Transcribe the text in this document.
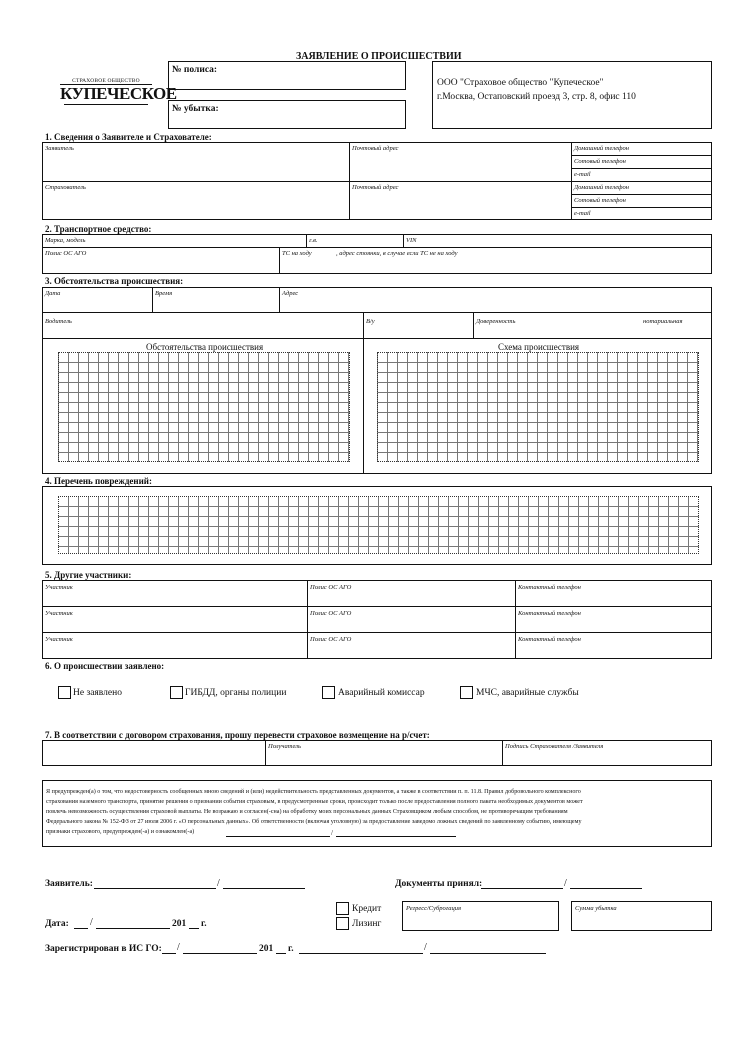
ЗАЯВЛЕНИЕ О ПРОИСШЕСТВИИ
СТРАХОВОЕ ОБЩЕСТВО
КУПЕЧЕСКОЕ
№ полиса:
№ убытка:
ООО "Страховое общество "Купеческое"
г.Москва, Остаповский проезд 3, стр. 8, офис 110
1. Сведения о Заявителе и Страхователе:
Заявитель	Почтовый адрес	Домашний телефон
Сотовый телефон
e-mail
Страхователь	Почтовый адрес	Домашний телефон
Сотовый телефон
e-mail
2. Транспортное средство:
Марка, модель	г.в.	VIN
Полис ОС АГО	ТС на ходу	, адрес стоянки, в случае если ТС не на ходу
3. Обстоятельства происшествия:
Дата	Время	Адрес
Водитель	В/у	Доверенность	нотариальная
Обстоятельства происшествия	Схема происшествия
4. Перечень повреждений:
5. Другие участники:
Участник	Полис ОС АГО	Контактный телефон
Участник	Полис ОС АГО	Контактный телефон
Участник	Полис ОС АГО	Контактный телефон
6. О происшествии заявлено:
Не заявлено	ГИБДД, органы полиции	Аварийный комиссар	МЧС, аварийные службы
7. В соответствии с договором страхования, прошу перевести страховое возмещение на р/счет:
Получатель	Подпись Страхователя /Заявителя
Я предупрежден(а) о том, что недостоверность сообщенных мною сведений и (или) недействительность представленных документов, а также в соответствии п. п. 11.8. Правил добровольного комплексного
страхования наземного транспорта, принятие решения о признании события страховым, в предусмотренные сроки, происходит только после предоставления полного пакета необходимых документов может
повлечь невозможность осуществления страховой выплаты. Не возражаю и согласен(-сна) на обработку моих персональных данных Страховщиком любым способом, не противоречащим требованиям
Федерального закона № 152-ФЗ от 27 июля 2006 г. «О персональных данных». Об ответственности (включая уголовную) за предоставление заведомо ложных сведений по заявленному событию, имеющему
признаки страхового, предупрежден(-а) и ознакомлен(-а)	/
Заявитель:	/	Документы принял:	/
Дата: /	201 г.
Кредит
Лизинг
Регресс/Суброгация	Сумма убытка
Зарегистрирован в ИС ГО: /	201 г.	/
